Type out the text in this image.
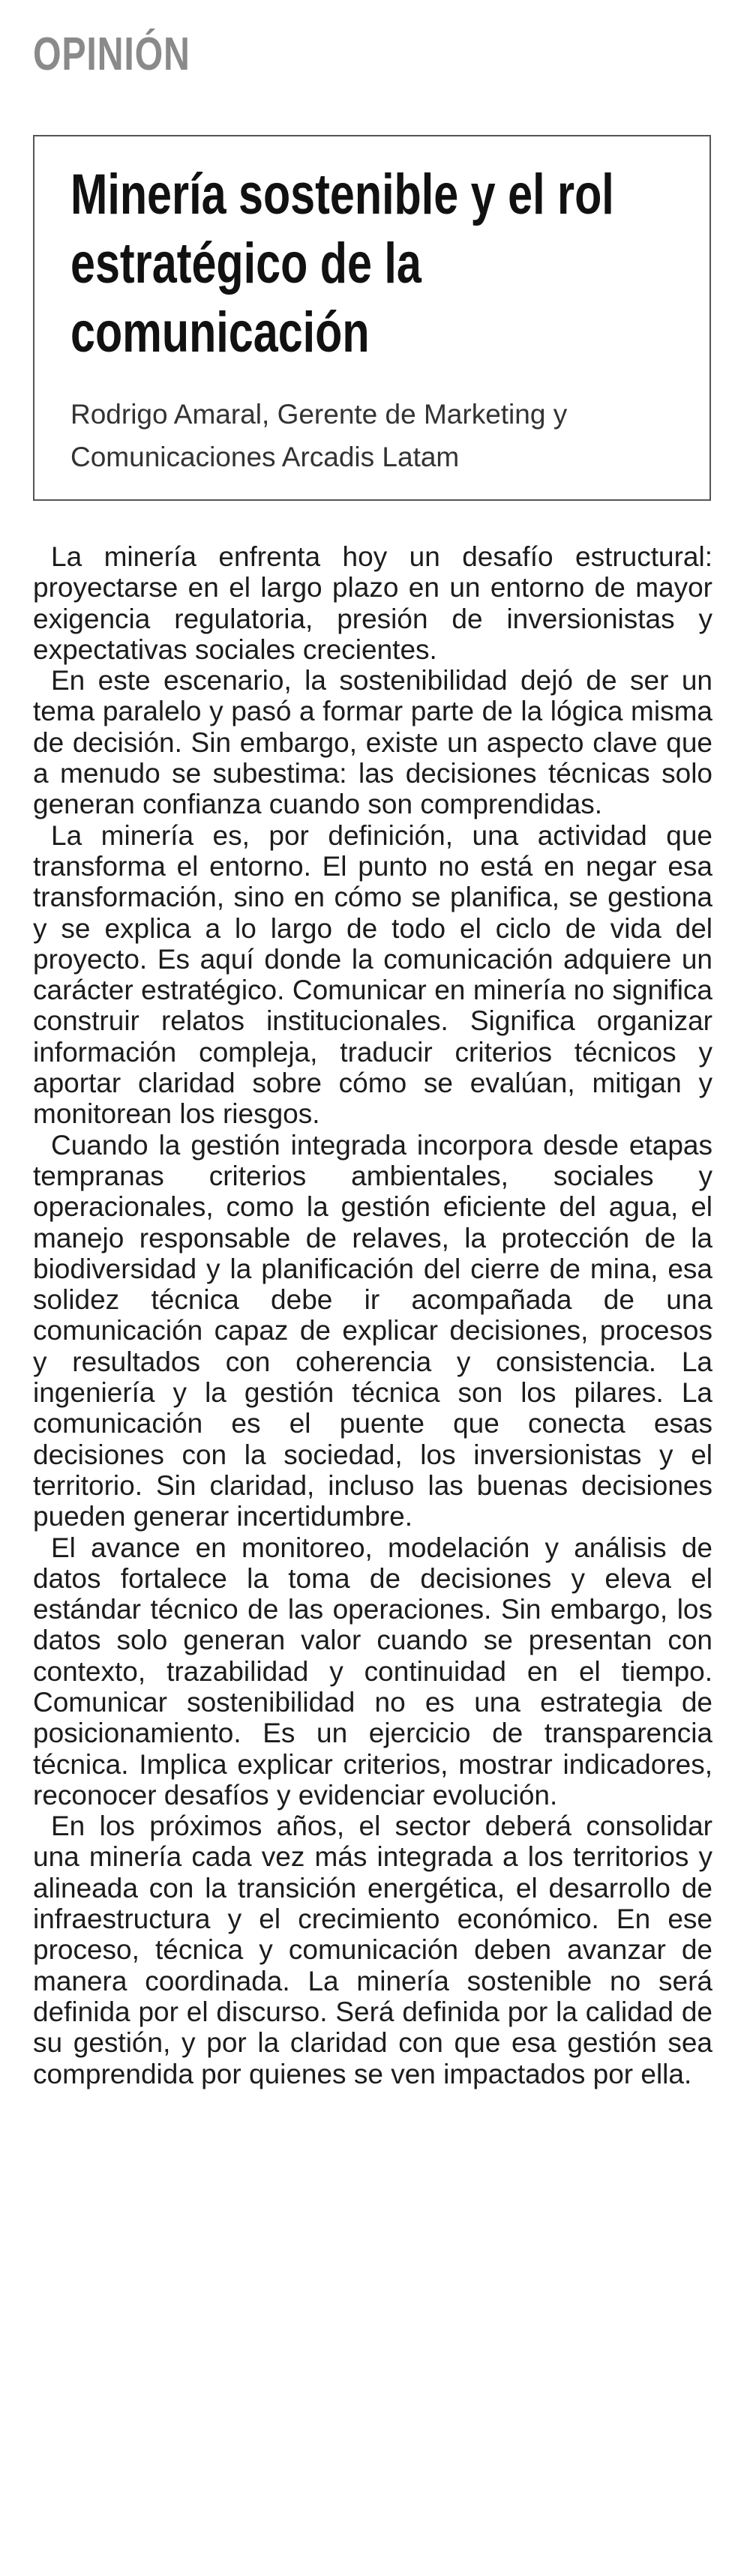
OPINIÓN
Minería sostenible y el rol estratégico de la comunicación

Rodrigo Amaral, Gerente de Marketing y Comunicaciones Arcadis Latam

La minería enfrenta hoy un desafío estructural: proyectarse en el largo plazo en un entorno de mayor exigencia regulatoria, presión de inversionistas y expectativas sociales crecientes.

En este escenario, la sostenibilidad dejó de ser un tema paralelo y pasó a formar parte de la lógica misma de decisión. Sin embargo, existe un aspecto clave que a menudo se subestima: las decisiones técnicas solo generan confianza cuando son comprendidas.

La minería es, por definición, una actividad que transforma el entorno. El punto no está en negar esa transformación, sino en cómo se planifica, se gestiona y se explica a lo largo de todo el ciclo de vida del proyecto. Es aquí donde la comunicación adquiere un carácter estratégico. Comunicar en minería no significa construir relatos institucionales. Significa organizar información compleja, traducir criterios técnicos y aportar claridad sobre cómo se evalúan, mitigan y monitorean los riesgos.

Cuando la gestión integrada incorpora desde etapas tempranas criterios ambientales, sociales y operacionales, como la gestión eficiente del agua, el manejo responsable de relaves, la protección de la biodiversidad y la planificación del cierre de mina, esa solidez técnica debe ir acompañada de una comunicación capaz de explicar decisiones, procesos y resultados con coherencia y consistencia. La ingeniería y la gestión técnica son los pilares. La comunicación es el puente que conecta esas decisiones con la sociedad, los inversionistas y el territorio. Sin claridad, incluso las buenas decisiones pueden generar incertidumbre.

El avance en monitoreo, modelación y análisis de datos fortalece la toma de decisiones y eleva el estándar técnico de las operaciones. Sin embargo, los datos solo generan valor cuando se presentan con contexto, trazabilidad y continuidad en el tiempo. Comunicar sostenibilidad no es una estrategia de posicionamiento. Es un ejercicio de transparencia técnica. Implica explicar criterios, mostrar indicadores, reconocer desafíos y evidenciar evolución.

En los próximos años, el sector deberá consolidar una minería cada vez más integrada a los territorios y alineada con la transición energética, el desarrollo de infraestructura y el crecimiento económico. En ese proceso, técnica y comunicación deben avanzar de manera coordinada. La minería sostenible no será definida por el discurso. Será definida por la calidad de su gestión, y por la claridad con que esa gestión sea comprendida por quienes se ven impactados por ella.
